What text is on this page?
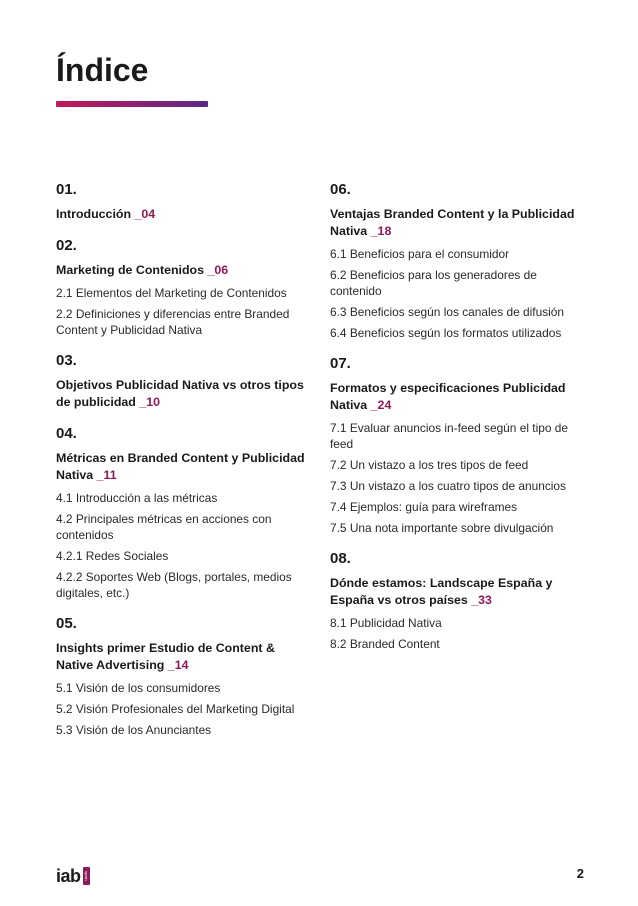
Índice
01.
Introducción _04
02.
Marketing de Contenidos _06
2.1 Elementos del Marketing de Contenidos
2.2 Definiciones y diferencias entre Branded Content y Publicidad Nativa
03.
Objetivos Publicidad Nativa vs otros tipos de publicidad _10
04.
Métricas en Branded Content y Publicidad Nativa _11
4.1 Introducción a las métricas
4.2 Principales métricas en acciones con contenidos
4.2.1 Redes Sociales
4.2.2 Soportes Web (Blogs, portales, medios digitales, etc.)
05.
Insights primer Estudio de Content & Native Advertising _14
5.1 Visión de los consumidores
5.2 Visión Profesionales del Marketing Digital
5.3 Visión de los Anunciantes
06.
Ventajas Branded Content y la Publicidad Nativa _18
6.1 Beneficios para el consumidor
6.2 Beneficios para los generadores de contenido
6.3 Beneficios según los canales de difusión
6.4 Beneficios según los formatos utilizados
07.
Formatos y especificaciones Publicidad Nativa _24
7.1 Evaluar anuncios in-feed según el tipo de feed
7.2 Un vistazo a los tres tipos de feed
7.3 Un vistazo a los cuatro tipos de anuncios
7.4 Ejemplos: guía para wireframes
7.5 Una nota importante sobre divulgación
08.
Dónde estamos: Landscape España y España vs otros países _33
8.1 Publicidad Nativa
8.2 Branded Content
iab spain	2
